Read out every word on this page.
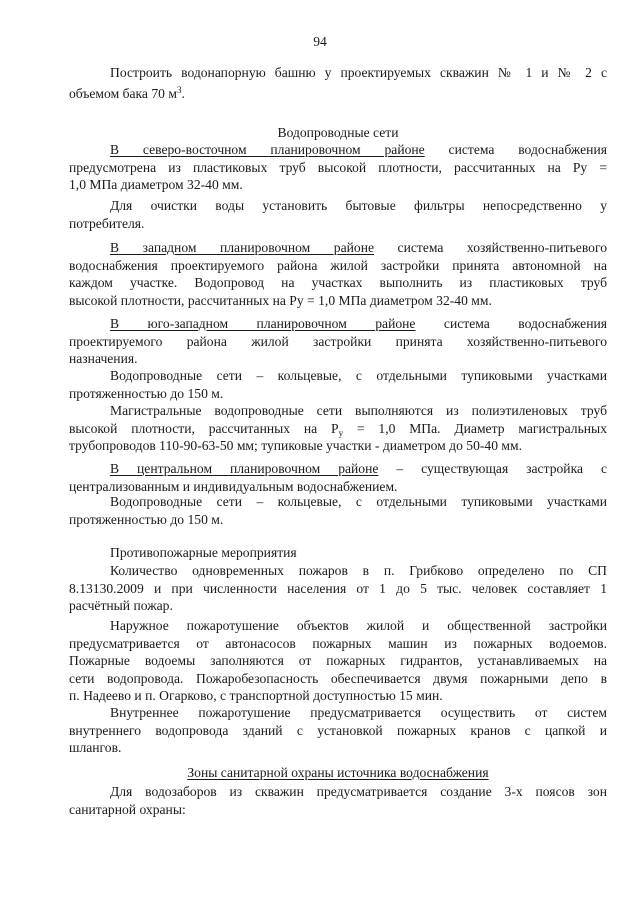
94
Построить водонапорную башню у проектируемых скважин № 1 и № 2 с
объемом бака 70 $м^3$.
Водопроводные сети
В северо-восточном планировочном районе система водоснабжения
предусмотрена из пластиковых труб высокой плотности, рассчитанных на Ру =
1,0 МПа диаметром 32-40 мм.
Для очистки воды установить бытовые фильтры непосредственно у
потребителя.
В западном планировочном районе система хозяйственно-питьевого
водоснабжения проектируемого района жилой застройки принята автономной на
каждом участке. Водопровод на участках выполнить из пластиковых труб
высокой плотности, рассчитанных на Ру = 1,0 МПа диаметром 32-40 мм.
В юго-западном планировочном районе система водоснабжения
проектируемого района жилой застройки принята хозяйственно-питьевого
назначения.
Водопроводные сети – кольцевые, с отдельными тупиковыми участками
протяженностью до 150 м.
Магистральные водопроводные сети выполняются из полиэтиленовых труб
высокой плотности, рассчитанных на $Р_у = 1,0$ МПа. Диаметр магистральных
трубопроводов 110-90-63-50 мм; тупиковые участки - диаметром до 50-40 мм.
В центральном планировочном районе – существующая застройка с
централизованным и индивидуальным водоснабжением.
Водопроводные сети – кольцевые, с отдельными тупиковыми участками
протяженностью до 150 м.
Противопожарные мероприятия
Количество одновременных пожаров в п. Грибково определено по СП
8.13130.2009 и при численности населения от 1 до 5 тыс. человек составляет 1
расчётный пожар.
Наружное пожаротушение объектов жилой и общественной застройки
предусматривается от автонасосов пожарных машин из пожарных водоемов.
Пожарные водоемы заполняются от пожарных гидрантов, устанавливаемых на
сети водопровода. Пожаробезопасность обеспечивается двумя пожарными депо в
п. Надеево и п. Огарково, с транспортной доступностью 15 мин.
Внутреннее пожаротушение предусматривается осуществить от систем
внутреннего водопровода зданий с установкой пожарных кранов с цапкой и
шлангов.
Зоны санитарной охраны источника водоснабжения
Для водозаборов из скважин предусматривается создание 3-х поясов зон
санитарной охраны:
